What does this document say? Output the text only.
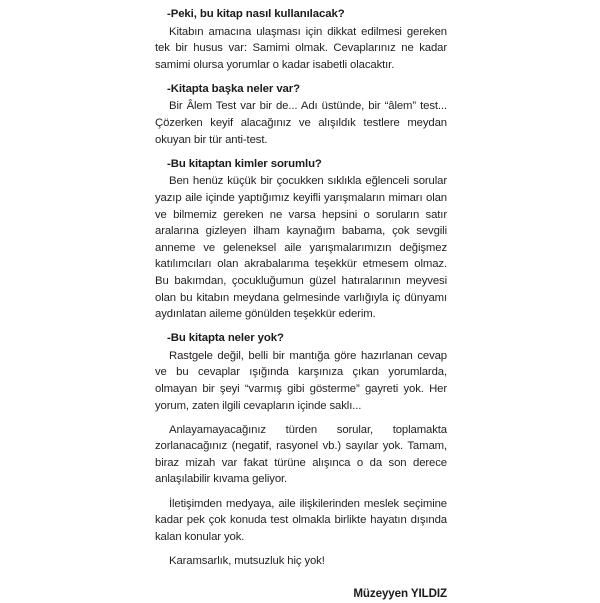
-Peki, bu kitap nasıl kullanılacak?

Kitabın amacına ulaşması için dikkat edilmesi gereken tek bir husus var: Samimi olmak. Cevaplarınız ne kadar samimi olursa yorumlar o kadar isabetli olacaktır.

-Kitapta başka neler var?

Bir Âlem Test var bir de... Adı üstünde, bir “âlem” test... Çözerken keyif alacağınız ve alışıldık testlere meydan okuyan bir tür anti-test.

-Bu kitaptan kimler sorumlu?

Ben henüz küçük bir çocukken sıklıkla eğlenceli sorular yazıp aile içinde yaptığımız keyifli yarışmaların mimarı olan ve bilmemiz gereken ne varsa hepsini o soruların satır aralarına gizleyen ilham kaynağım babama, çok sevgili anneme ve geleneksel aile yarışmalarımızın değişmez katılımcıları olan akrabalarıma teşekkür etmesem olmaz. Bu bakımdan, çocukluğumun güzel hatıralarının meyvesi olan bu kitabın meydana gelmesinde varlığıyla iç dünyamı aydınlatan aileme gönülden teşekkür ederim.

-Bu kitapta neler yok?

Rastgele değil, belli bir mantığa göre hazırlanan cevap ve bu cevaplar ışığında karşınıza çıkan yorumlarda, olmayan bir şeyi “varmış gibi gösterme” gayreti yok. Her yorum, zaten ilgili cevapların içinde saklı...

Anlayamayacağınız türden sorular, toplamakta zorlanacağınız (negatif, rasyonel vb.) sayılar yok. Tamam, biraz mizah var fakat türüne alışınca o da son derece anlaşılabilir kıvama geliyor.

İletişimden medyaya, aile ilişkilerinden meslek seçimine kadar pek çok konuda test olmakla birlikte hayatın dışında kalan konular yok.

Karamsarlık, mutsuzluk hiç yok!

Müzeyyen YILDIZ
